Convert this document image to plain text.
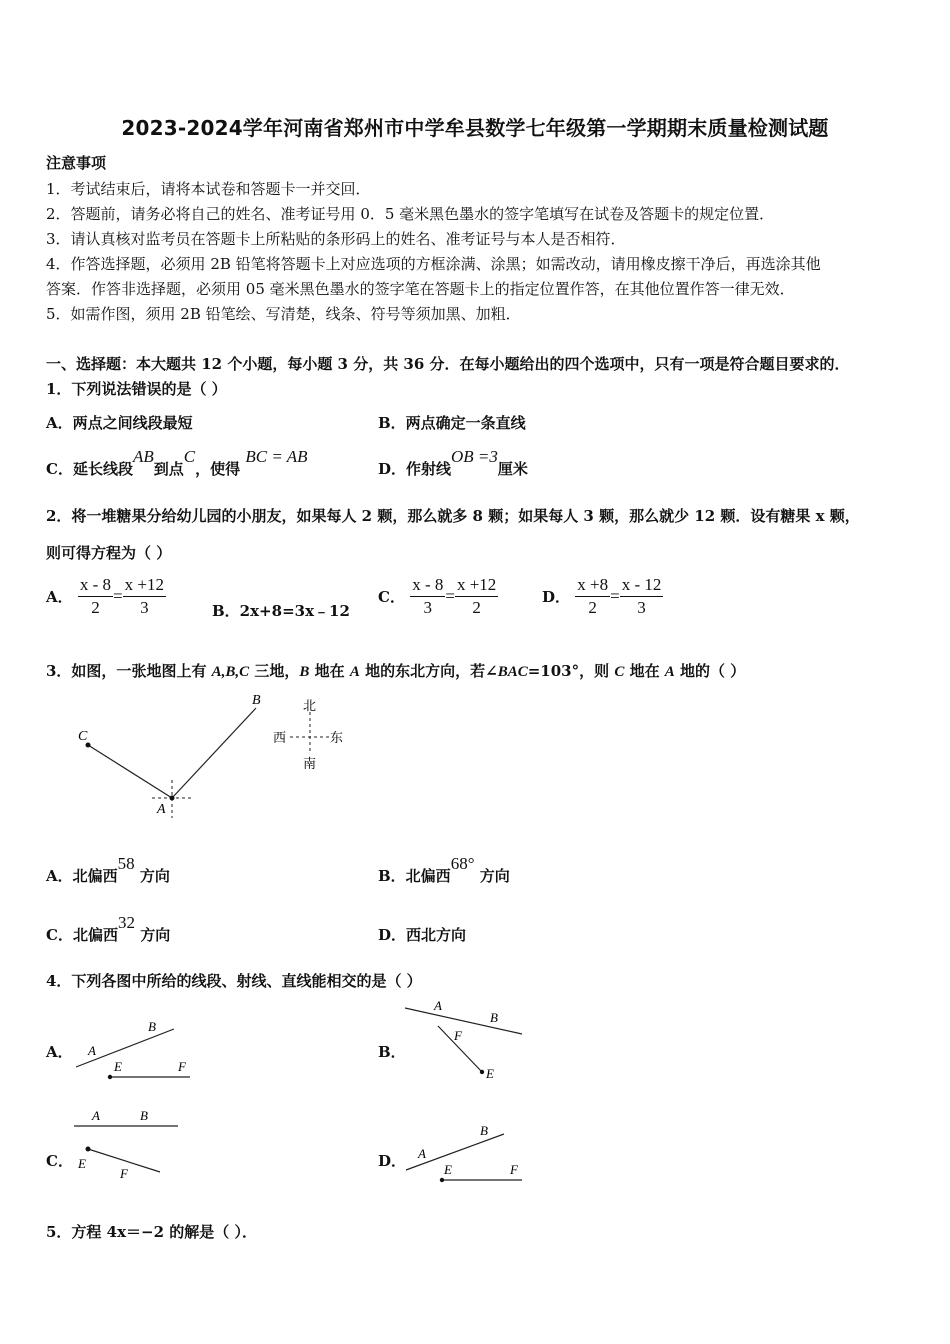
2023-2024学年河南省郑州市中学牟县数学七年级第一学期期末质量检测试题
注意事项
1．考试结束后，请将本试卷和答题卡一并交回．
2．答题前，请务必将自己的姓名、准考证号用 0．5 毫米黑色墨水的签字笔填写在试卷及答题卡的规定位置．
3．请认真核对监考员在答题卡上所粘贴的条形码上的姓名、准考证号与本人是否相符．
4．作答选择题，必须用 2B 铅笔将答题卡上对应选项的方框涂满、涂黑；如需改动，请用橡皮擦干净后，再选涂其他
答案．作答非选择题，必须用 05 毫米黑色墨水的签字笔在答题卡上的指定位置作答，在其他位置作答一律无效．
5．如需作图，须用 2B 铅笔绘、写清楚，线条、符号等须加黑、加粗．
一、选择题：本大题共 12 个小题，每小题 3 分，共 36 分．在每小题给出的四个选项中，只有一项是符合题目要求的．
1．下列说法错误的是（ ）
A．两点之间线段最短	B．两点确定一条直线
C．延长线段AB到点C，使得 BC = AB
D．作射线OB =3厘米
2．将一堆糖果分给幼儿园的小朋友，如果每人 2 颗，那么就多 8 颗；如果每人 3 颗，那么就少 12 颗．设有糖果 x 颗，
则可得方程为（ ）
A． $\frac{x - 8}{2} = \frac{x +12}{3}$	B．2x+8=3x﹣12
C． $\frac{x - 8}{3} = \frac{x +12}{2}$	D． $\frac{x +8}{2} = \frac{x - 12}{3}$
3．如图，一张地图上有 A,B,C 三地，B 地在 A 地的东北方向，若∠BAC=103°，则 C 地在 A 地的（ ）
C
B
A
北
南
西	东
A．北偏西58 方向	B．北偏西68° 方向
C．北偏西32 方向	D．西北方向
4．下列各图中所给的线段、射线、直线能相交的是（ ）
A． A
B
E	F
B．
A
B
F
E
C．
A	B
E
F
D． A
B
E	F
5．方程 4x＝−2 的解是（ ）．
